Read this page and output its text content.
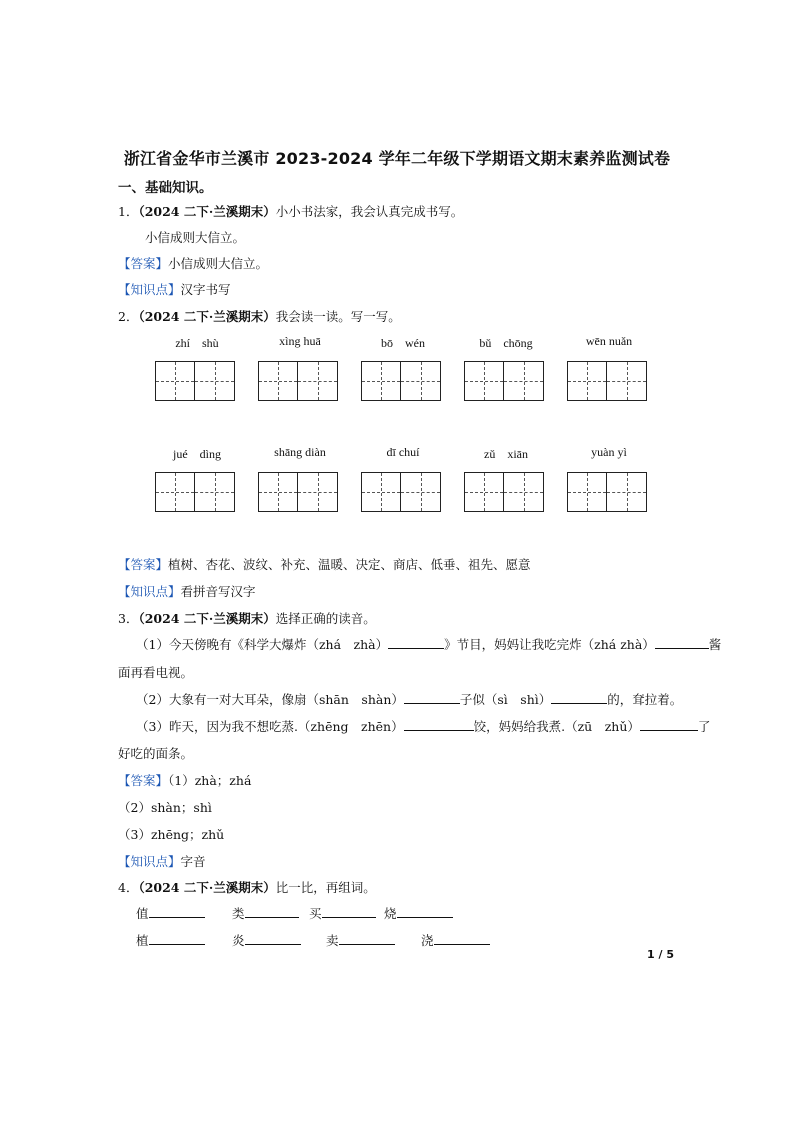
浙江省金华市兰溪市 2023-2024 学年二年级下学期语文期末素养监测试卷
一、基础知识。
1．（2024 二下·兰溪期末）小小书法家，我会认真完成书写。
小信成则大信立。
【答案】小信成则大信立。
【知识点】汉字书写
2．（2024 二下·兰溪期末）我会读一读。写一写。
zhí　shù	xìng huā	bō　wén	bǔ　chōng	wēn nuǎn
jué　dìng	shāng diàn	dī chuí	zǔ　xiān	yuàn yì
【答案】植树、杏花、波纹、补充、温暖、决定、商店、低垂、祖先、愿意
【知识点】看拼音写汉字
3．（2024 二下·兰溪期末）选择正确的读音。
（1）今天傍晚有《科学大爆炸（zhá　zhà）	》节目，妈妈让我吃完炸（zhá zhà）	酱
面再看电视。
（2）大象有一对大耳朵，像扇（shān　shàn）	子似（sì　shì）	的，耷拉着。
（3）昨天，因为我不想吃蒸.（zhēng　zhēn）	饺，妈妈给我煮.（zū　zhǔ）	了
好吃的面条。
【答案】（1）zhà；zhá
（2）shàn；shì
（3）zhēng；zhǔ
【知识点】字音
4．（2024 二下·兰溪期末）比一比，再组词。
值	类	买	烧
植	炎	卖	浇
1 / 5
